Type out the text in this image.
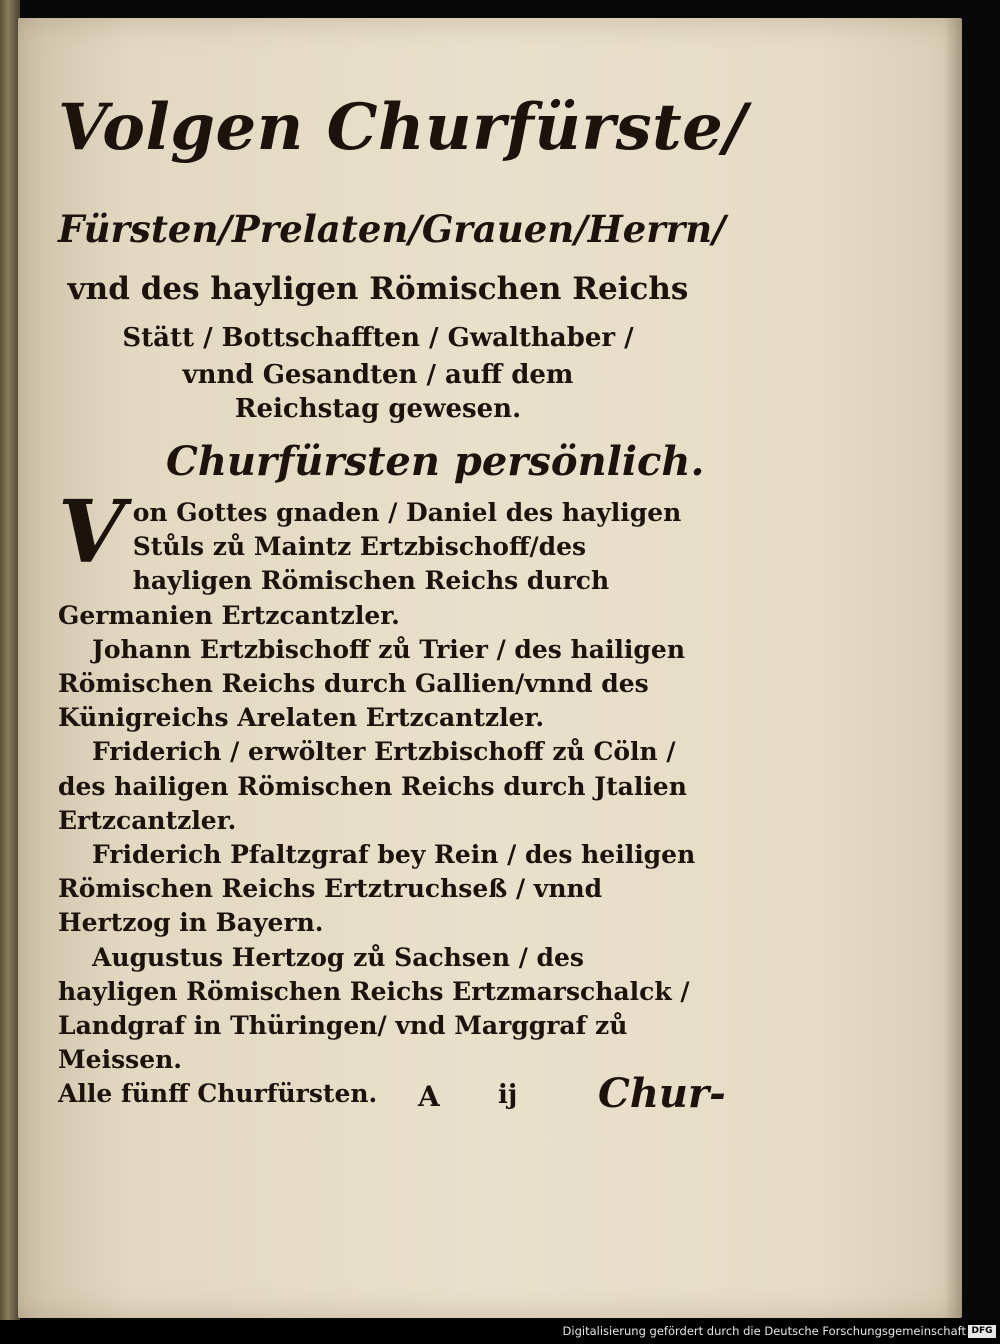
Volgen Churfürste/
Fürsten/Prelaten/Grauen/Herrn/
vnd des hayligen Römischen Reichs
Stätt / Bottschafften / Gwalthaber /
vnnd Gesandten / auff dem
Reichstag gewesen.
Churfürsten persönlich.

V on Gottes gnaden / Daniel des hayligen Stůls zů Maintz Ertzbischoff/des hayligen Römischen Reichs durch Germanien Ertzcantzler.

Johann Ertzbischoff zů Trier / des hailigen Römischen Reichs durch Gallien/vnnd des Künigreichs Arelaten Ertzcantzler.

Friderich / erwölter Ertzbischoff zů Cöln / des hailigen Römischen Reichs durch Jtalien Ertzcantzler.

Friderich Pfaltzgraf bey Rein / des heiligen Römischen Reichs Ertztruchseß / vnnd Hertzog in Bayern.

Augustus Hertzog zů Sachsen / des hayligen Römischen Reichs Ertzmarschalck / Landgraf in Thüringen/ vnd Marggraf zů Meissen.

Alle fünff Churfürsten.	A ij Chur-
Digitalisierung gefördert durch die Deutsche Forschungsgemeinschaft DFG
